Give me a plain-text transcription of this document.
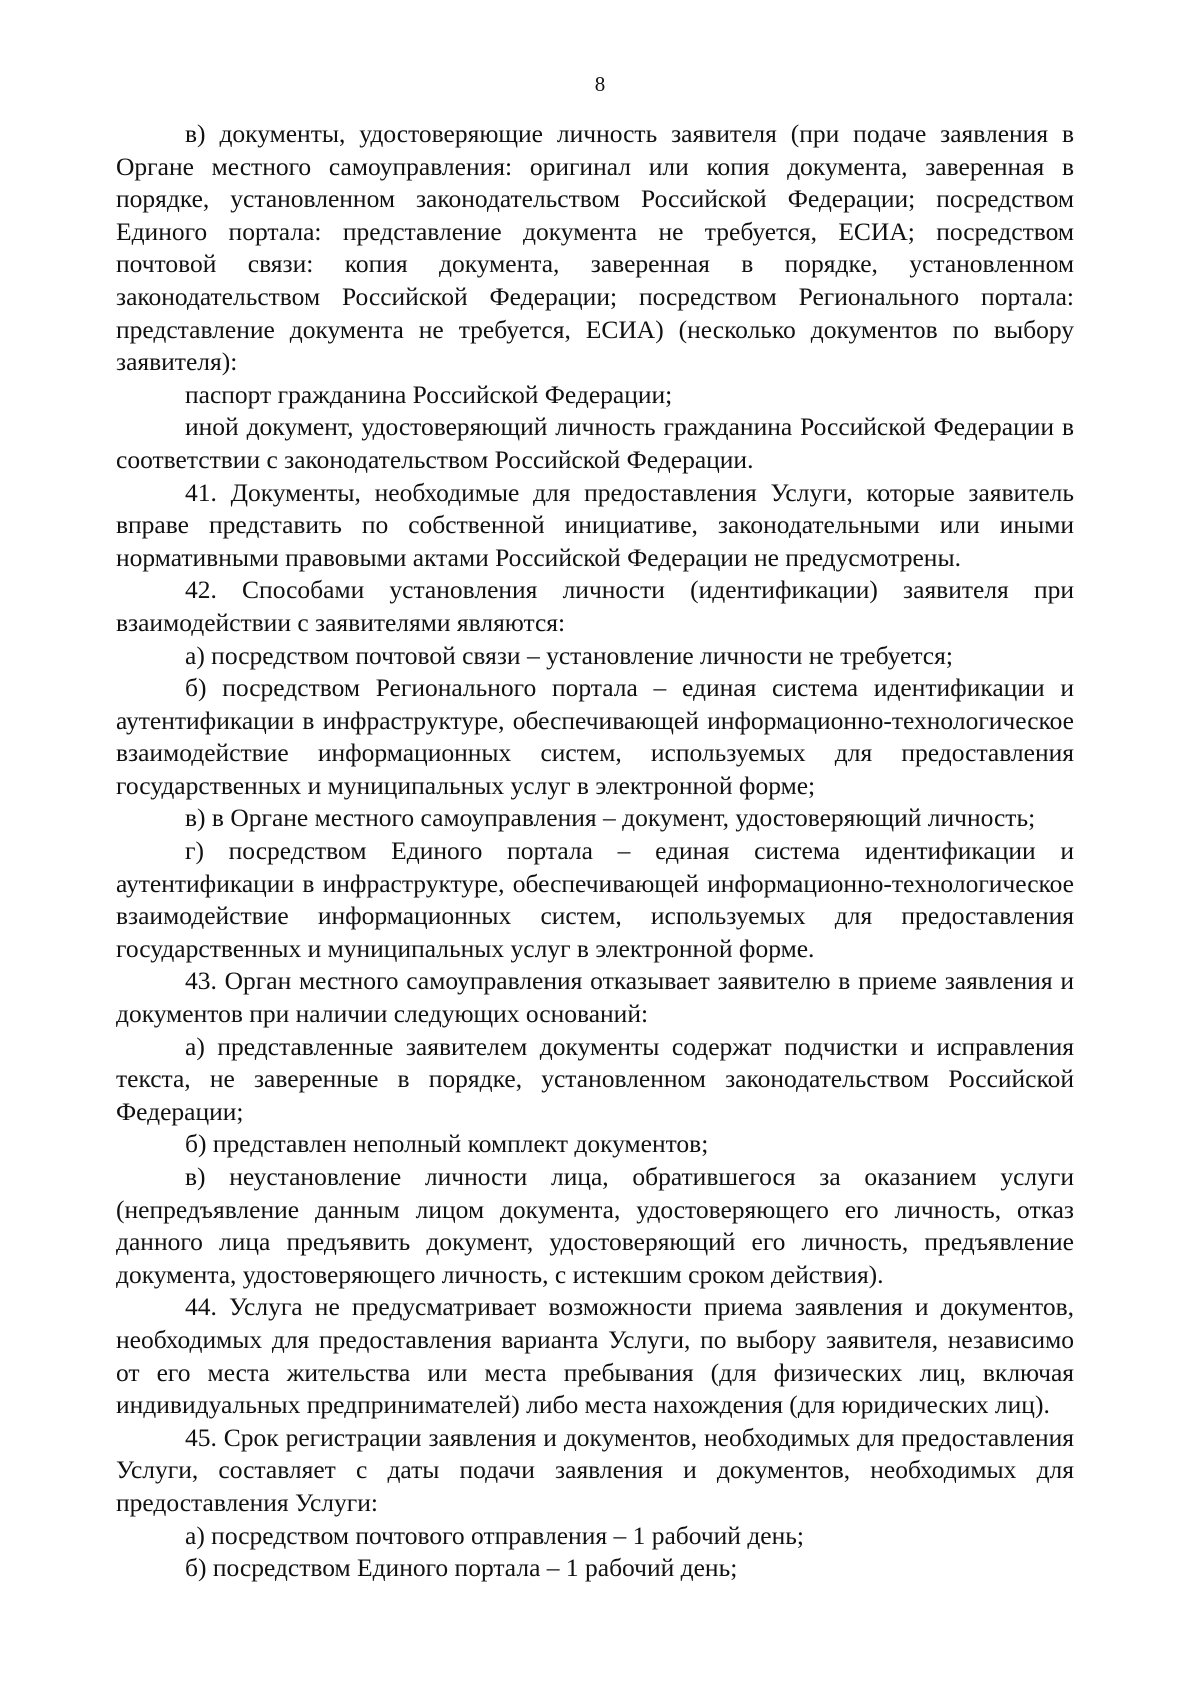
8

в) документы, удостоверяющие личность заявителя (при подаче заявления в Органе местного самоуправления: оригинал или копия документа, заверенная в порядке, установленном законодательством Российской Федерации; посредством Единого портала: представление документа не требуется, ЕСИА; посредством почтовой связи: копия документа, заверенная в порядке, установленном законодательством Российской Федерации; посредством Регионального портала: представление документа не требуется, ЕСИА) (несколько документов по выбору заявителя):

паспорт гражданина Российской Федерации;

иной документ, удостоверяющий личность гражданина Российской Федерации в соответствии с законодательством Российской Федерации.

41. Документы, необходимые для предоставления Услуги, которые заявитель вправе представить по собственной инициативе, законодательными или иными нормативными правовыми актами Российской Федерации не предусмотрены.

42. Способами установления личности (идентификации) заявителя при взаимодействии с заявителями являются:

а) посредством почтовой связи – установление личности не требуется;

б) посредством Регионального портала – единая система идентификации и аутентификации в инфраструктуре, обеспечивающей информационно-технологическое взаимодействие информационных систем, используемых для предоставления государственных и муниципальных услуг в электронной форме;

в) в Органе местного самоуправления – документ, удостоверяющий личность;

г) посредством Единого портала – единая система идентификации и аутентификации в инфраструктуре, обеспечивающей информационно-технологическое взаимодействие информационных систем, используемых для предоставления государственных и муниципальных услуг в электронной форме.

43. Орган местного самоуправления отказывает заявителю в приеме заявления и документов при наличии следующих оснований:

а) представленные заявителем документы содержат подчистки и исправления текста, не заверенные в порядке, установленном законодательством Российской Федерации;

б) представлен неполный комплект документов;

в) неустановление личности лица, обратившегося за оказанием услуги (непредъявление данным лицом документа, удостоверяющего его личность, отказ данного лица предъявить документ, удостоверяющий его личность, предъявление документа, удостоверяющего личность, с истекшим сроком действия).

44. Услуга не предусматривает возможности приема заявления и документов, необходимых для предоставления варианта Услуги, по выбору заявителя, независимо от его места жительства или места пребывания (для физических лиц, включая индивидуальных предпринимателей) либо места нахождения (для юридических лиц).

45. Срок регистрации заявления и документов, необходимых для предоставления Услуги, составляет с даты подачи заявления и документов, необходимых для предоставления Услуги:

а) посредством почтового отправления – 1 рабочий день;

б) посредством Единого портала – 1 рабочий день;
